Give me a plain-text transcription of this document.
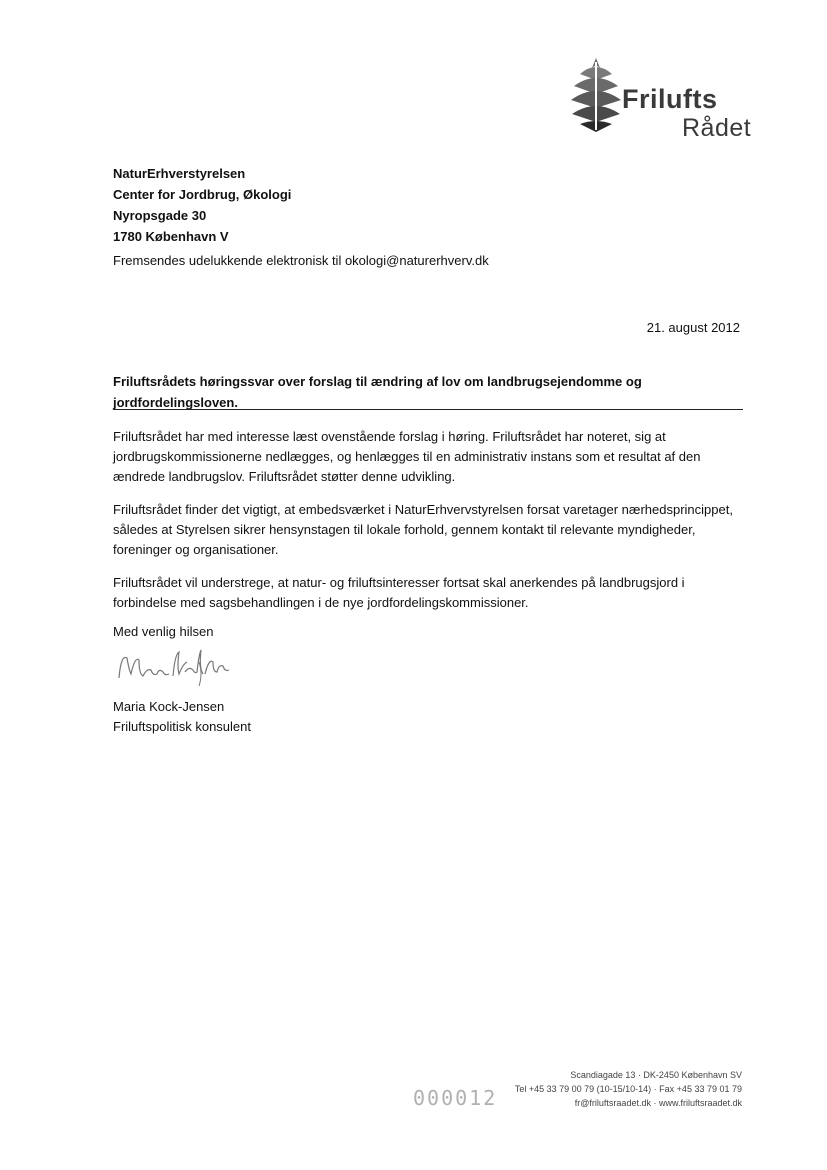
Frilufts
Rådet
NaturErhverstyrelsen
Center for Jordbrug, Økologi
Nyropsgade 30
1780 København V
Fremsendes udelukkende elektronisk til okologi@naturerhverv.dk
21. august 2012
Friluftsrådets høringssvar over forslag til ændring af lov om landbrugsejendomme og jordfordelingsloven.
Friluftsrådet har med interesse læst ovenstående forslag i høring. Friluftsrådet har noteret, sig at jordbrugskommissionerne nedlægges, og henlægges til en administrativ instans som et resultat af den ændrede landbrugslov. Friluftsrådet støtter denne udvikling.
Friluftsrådet finder det vigtigt, at embedsværket i NaturErhvervstyrelsen forsat varetager nærhedsprincippet, således at Styrelsen sikrer hensynstagen til lokale forhold, gennem kontakt til relevante myndigheder, foreninger og organisationer.
Friluftsrådet vil understrege, at natur- og friluftsinteresser fortsat skal anerkendes på landbrugsjord i forbindelse med sagsbehandlingen i de nye jordfordelingskommissioner.
Med venlig hilsen
Maria Kock-Jensen
Friluftspolitisk konsulent
000012
Scandiagade 13 · DK-2450 København SV
Tel +45 33 79 00 79 (10-15/10-14) · Fax +45 33 79 01 79
fr@friluftsraadet.dk · www.friluftsraadet.dk
